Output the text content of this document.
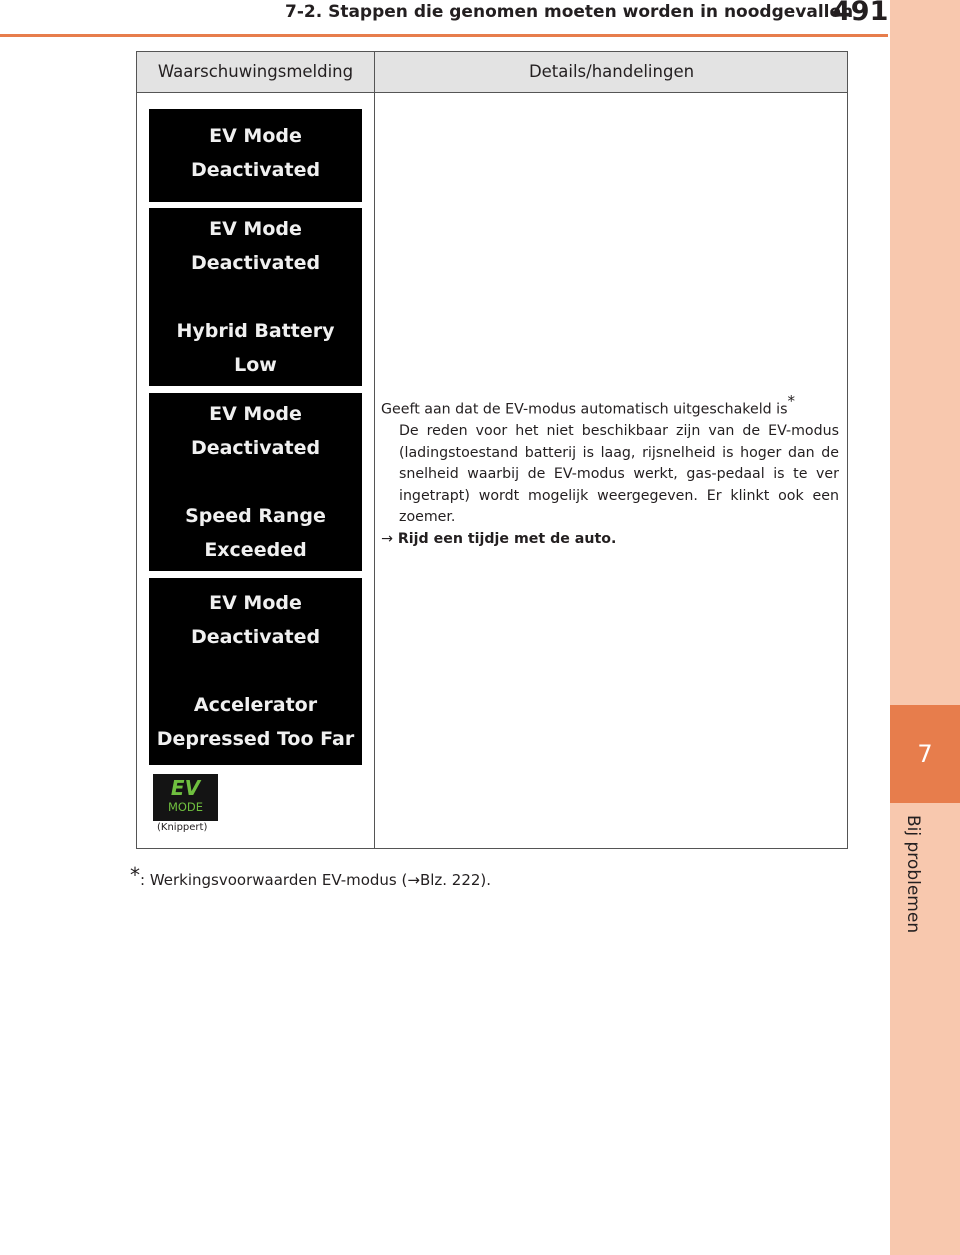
7
Bij problemen
7-2. Stappen die genomen moeten worden in noodgevallen
491
Waarschuwingsmelding	Details/handelingen
EV Mode
Deactivated
EV Mode
Deactivated
Hybrid Battery
Low
EV Mode
Deactivated
Speed Range
Exceeded
EV Mode
Deactivated
Accelerator
Depressed Too Far
EV
MODE
(Knippert)

Geeft aan dat de EV-modus automatisch uitgeschakeld is*

De reden voor het niet beschikbaar zijn van de EV-modus (ladingstoestand batterij is laag, rijsnelheid is hoger dan de snelheid waarbij de EV-modus werkt, gas-pedaal is te ver ingetrapt) wordt mogelijk weergegeven. Er klinkt ook een zoemer.

→ Rijd een tijdje met de auto.

*: Werkingsvoorwaarden EV-modus (→Blz. 222).
